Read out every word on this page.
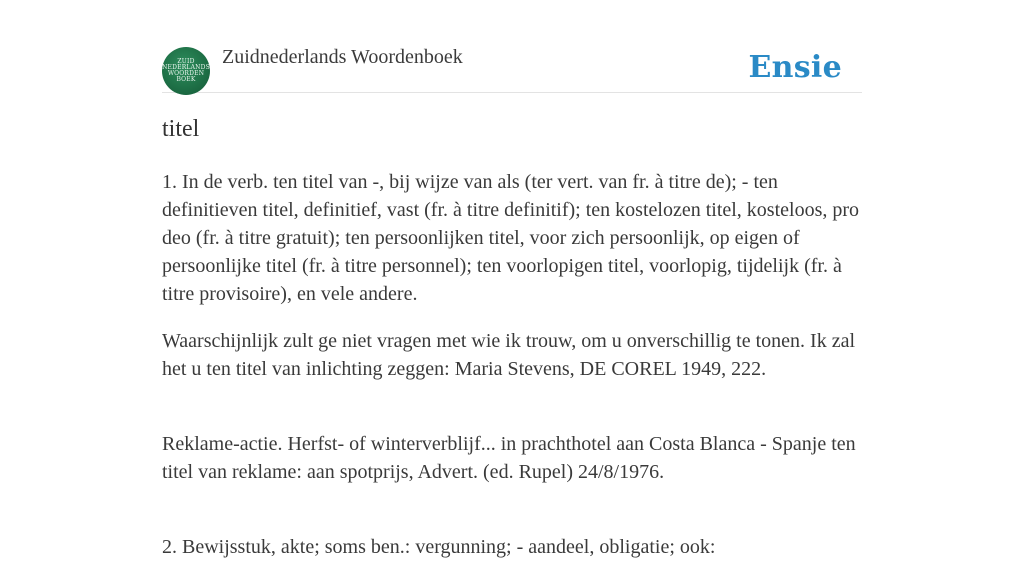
ZUID
NEDERLANDS
WOORDEN
BOEK
Zuidnederlands Woordenboek	Ensie
titel

1. In de verb. ten titel van -, bij wijze van als (ter vert. van fr. à titre de); - ten definitieven titel, definitief, vast (fr. à titre definitif); ten kostelozen titel, kosteloos, pro deo (fr. à titre gratuit); ten persoonlijken titel, voor zich persoonlijk, op eigen of persoonlijke titel (fr. à titre personnel); ten voorlopigen titel, voorlopig, tijdelijk (fr. à titre provisoire), en vele andere.

Waarschijnlijk zult ge niet vragen met wie ik trouw, om u onverschillig te tonen. Ik zal het u ten titel van inlichting zeggen: Maria Stevens, DE COREL 1949, 222.

Reklame-actie. Herfst- of winterverblijf... in prachthotel aan Costa Blanca - Spanje ten titel van reklame: aan spotprijs, Advert. (ed. Rupel) 24/8/1976.

2. Bewijsstuk, akte; soms ben.: vergunning; - aandeel, obligatie; ook:
